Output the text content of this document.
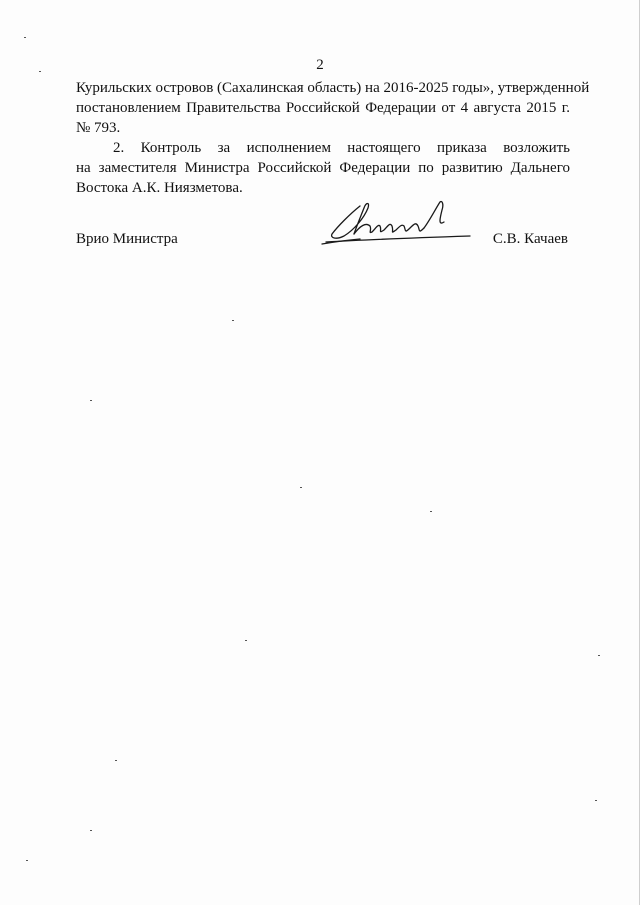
2
Курильских островов (Сахалинская область) на 2016-2025 годы», утвержденной
постановлением Правительства Российской Федерации от 4 августа 2015 г.
№ 793.
2. Контроль за исполнением настоящего приказа возложить
на заместителя Министра Российской Федерации по развитию Дальнего
Востока А.К. Ниязметова.
Врио Министра	С.В. Качаев
